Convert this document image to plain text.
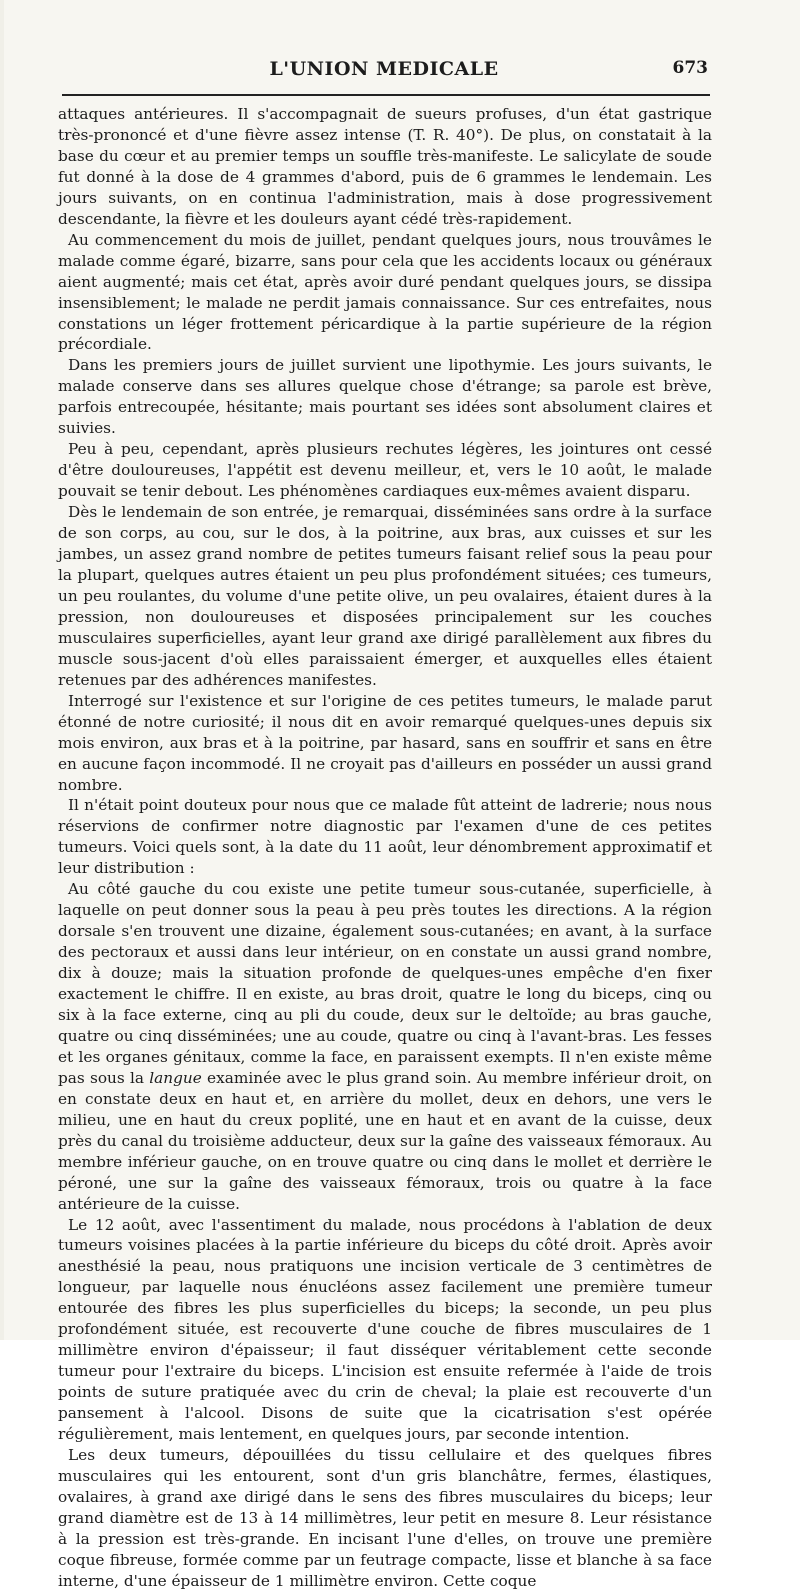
L'UNION MEDICALE	673

attaques antérieures. Il s'accompagnait de sueurs profuses, d'un état gastrique très-prononcé et d'une fièvre assez intense (T. R. 40°). De plus, on constatait à la base du cœur et au premier temps un souffle très-manifeste. Le salicylate de soude fut donné à la dose de 4 grammes d'abord, puis de 6 grammes le lendemain. Les jours suivants, on en continua l'administration, mais à dose progressivement descendante, la fièvre et les douleurs ayant cédé très-rapidement.

Au commencement du mois de juillet, pendant quelques jours, nous trouvâmes le malade comme égaré, bizarre, sans pour cela que les accidents locaux ou généraux aient augmenté; mais cet état, après avoir duré pendant quelques jours, se dissipa insensiblement; le malade ne perdit jamais connaissance. Sur ces entrefaites, nous constations un léger frottement péricardique à la partie supérieure de la région précordiale.

Dans les premiers jours de juillet survient une lipothymie. Les jours suivants, le malade conserve dans ses allures quelque chose d'étrange; sa parole est brève, parfois entrecoupée, hésitante; mais pourtant ses idées sont absolument claires et suivies.

Peu à peu, cependant, après plusieurs rechutes légères, les jointures ont cessé d'être douloureuses, l'appétit est devenu meilleur, et, vers le 10 août, le malade pouvait se tenir debout. Les phénomènes cardiaques eux-mêmes avaient disparu.

Dès le lendemain de son entrée, je remarquai, disséminées sans ordre à la surface de son corps, au cou, sur le dos, à la poitrine, aux bras, aux cuisses et sur les jambes, un assez grand nombre de petites tumeurs faisant relief sous la peau pour la plupart, quelques autres étaient un peu plus profondément situées; ces tumeurs, un peu roulantes, du volume d'une petite olive, un peu ovalaires, étaient dures à la pression, non douloureuses et disposées principalement sur les couches musculaires superficielles, ayant leur grand axe dirigé parallèlement aux fibres du muscle sous-jacent d'où elles paraissaient émerger, et auxquelles elles étaient retenues par des adhérences manifestes.

Interrogé sur l'existence et sur l'origine de ces petites tumeurs, le malade parut étonné de notre curiosité; il nous dit en avoir remarqué quelques-unes depuis six mois environ, aux bras et à la poitrine, par hasard, sans en souffrir et sans en être en aucune façon incommodé. Il ne croyait pas d'ailleurs en posséder un aussi grand nombre.

Il n'était point douteux pour nous que ce malade fût atteint de ladrerie; nous nous réservions de confirmer notre diagnostic par l'examen d'une de ces petites tumeurs. Voici quels sont, à la date du 11 août, leur dénombrement approximatif et leur distribution :

Au côté gauche du cou existe une petite tumeur sous-cutanée, superficielle, à laquelle on peut donner sous la peau à peu près toutes les directions. A la région dorsale s'en trouvent une dizaine, également sous-cutanées; en avant, à la surface des pectoraux et aussi dans leur intérieur, on en constate un aussi grand nombre, dix à douze; mais la situation profonde de quelques-unes empêche d'en fixer exactement le chiffre. Il en existe, au bras droit, quatre le long du biceps, cinq ou six à la face externe, cinq au pli du coude, deux sur le deltoïde; au bras gauche, quatre ou cinq disséminées; une au coude, quatre ou cinq à l'avant-bras. Les fesses et les organes génitaux, comme la face, en paraissent exempts. Il n'en existe même pas sous la langue examinée avec le plus grand soin. Au membre inférieur droit, on en constate deux en haut et, en arrière du mollet, deux en dehors, une vers le milieu, une en haut du creux poplité, une en haut et en avant de la cuisse, deux près du canal du troisième adducteur, deux sur la gaîne des vaisseaux fémoraux. Au membre inférieur gauche, on en trouve quatre ou cinq dans le mollet et derrière le péroné, une sur la gaîne des vaisseaux fémoraux, trois ou quatre à la face antérieure de la cuisse.

Le 12 août, avec l'assentiment du malade, nous procédons à l'ablation de deux tumeurs voisines placées à la partie inférieure du biceps du côté droit. Après avoir anesthésié la peau, nous pratiquons une incision verticale de 3 centimètres de longueur, par laquelle nous énucléons assez facilement une première tumeur entourée des fibres les plus superficielles du biceps; la seconde, un peu plus profondément située, est recouverte d'une couche de fibres musculaires de 1 millimètre environ d'épaisseur; il faut disséquer véritablement cette seconde tumeur pour l'extraire du biceps. L'incision est ensuite refermée à l'aide de trois points de suture pratiquée avec du crin de cheval; la plaie est recouverte d'un pansement à l'alcool. Disons de suite que la cicatrisation s'est opérée régulièrement, mais lentement, en quelques jours, par seconde intention.

Les deux tumeurs, dépouillées du tissu cellulaire et des quelques fibres musculaires qui les entourent, sont d'un gris blanchâtre, fermes, élastiques, ovalaires, à grand axe dirigé dans le sens des fibres musculaires du biceps; leur grand diamètre est de 13 à 14 millimètres, leur petit en mesure 8. Leur résistance à la pression est très-grande. En incisant l'une d'elles, on trouve une première coque fibreuse, formée comme par un feutrage compacte, lisse et blanche à sa face interne, d'une épaisseur de 1 millimètre environ. Cette coque
